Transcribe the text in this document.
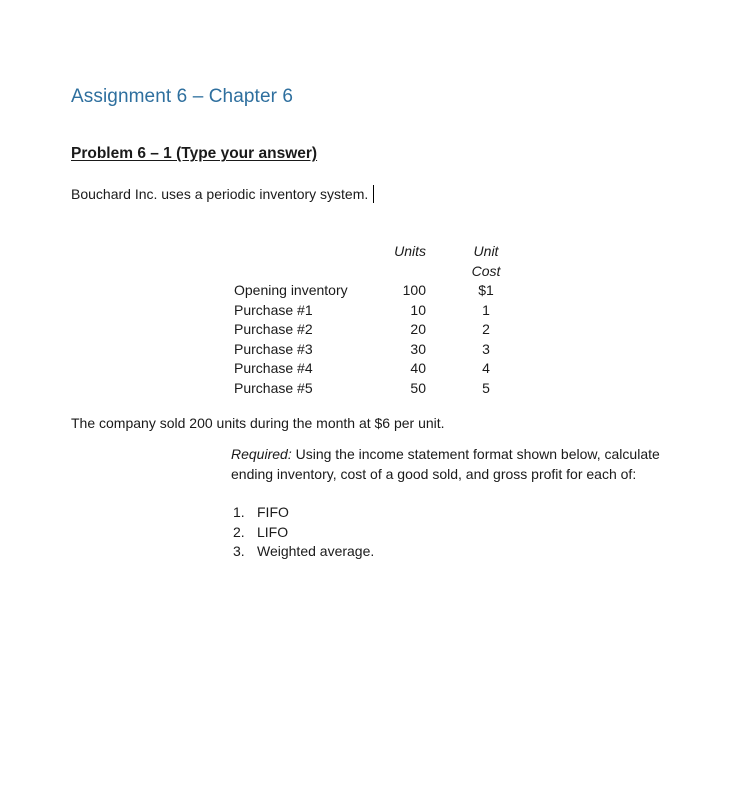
Assignment 6 – Chapter 6
Problem 6 – 1 (Type your answer)
Bouchard Inc. uses a periodic inventory system.
	Units	Unit
		Cost
Opening inventory	100	$1
Purchase #1	10	1
Purchase #2	20	2
Purchase #3	30	3
Purchase #4	40	4
Purchase #5	50	5
The company sold 200 units during the month at $6 per unit.
Required: Using the income statement format shown below, calculate ending inventory, cost of a good sold, and gross profit for each of:
1. FIFO
2. LIFO
3. Weighted average.
